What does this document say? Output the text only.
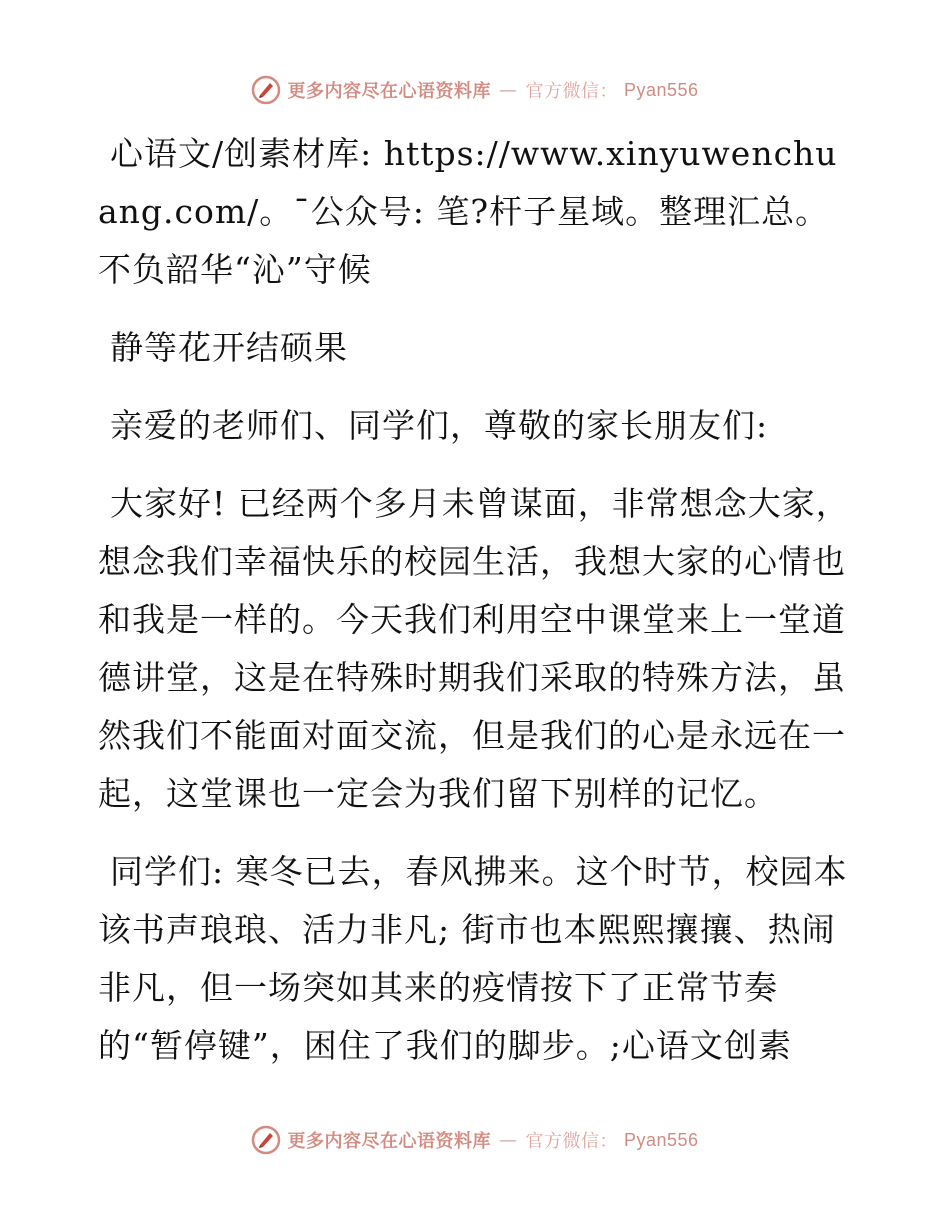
更多内容尽在心语资料库 — 官方微信： Pyan556

心语文/创素材库: https://www.xinyuwenchuang.com/。¯公众号: 笔?杆子星域。整理汇总。不负韶华“沁”守候

静等花开结硕果

亲爱的老师们、同学们，尊敬的家长朋友们:

大家好! 已经两个多月未曾谋面，非常想念大家，想念我们幸福快乐的校园生活，我想大家的心情也和我是一样的。今天我们利用空中课堂来上一堂道德讲堂，这是在特殊时期我们采取的特殊方法，虽然我们不能面对面交流，但是我们的心是永远在一起，这堂课也一定会为我们留下别样的记忆。

同学们: 寒冬已去，春风拂来。这个时节，校园本该书声琅琅、活力非凡; 街市也本熙熙攘攘、热闹非凡，但一场突如其来的疫情按下了正常节奏的“暂停键”，困住了我们的脚步。;心语文创素

更多内容尽在心语资料库 — 官方微信： Pyan556
